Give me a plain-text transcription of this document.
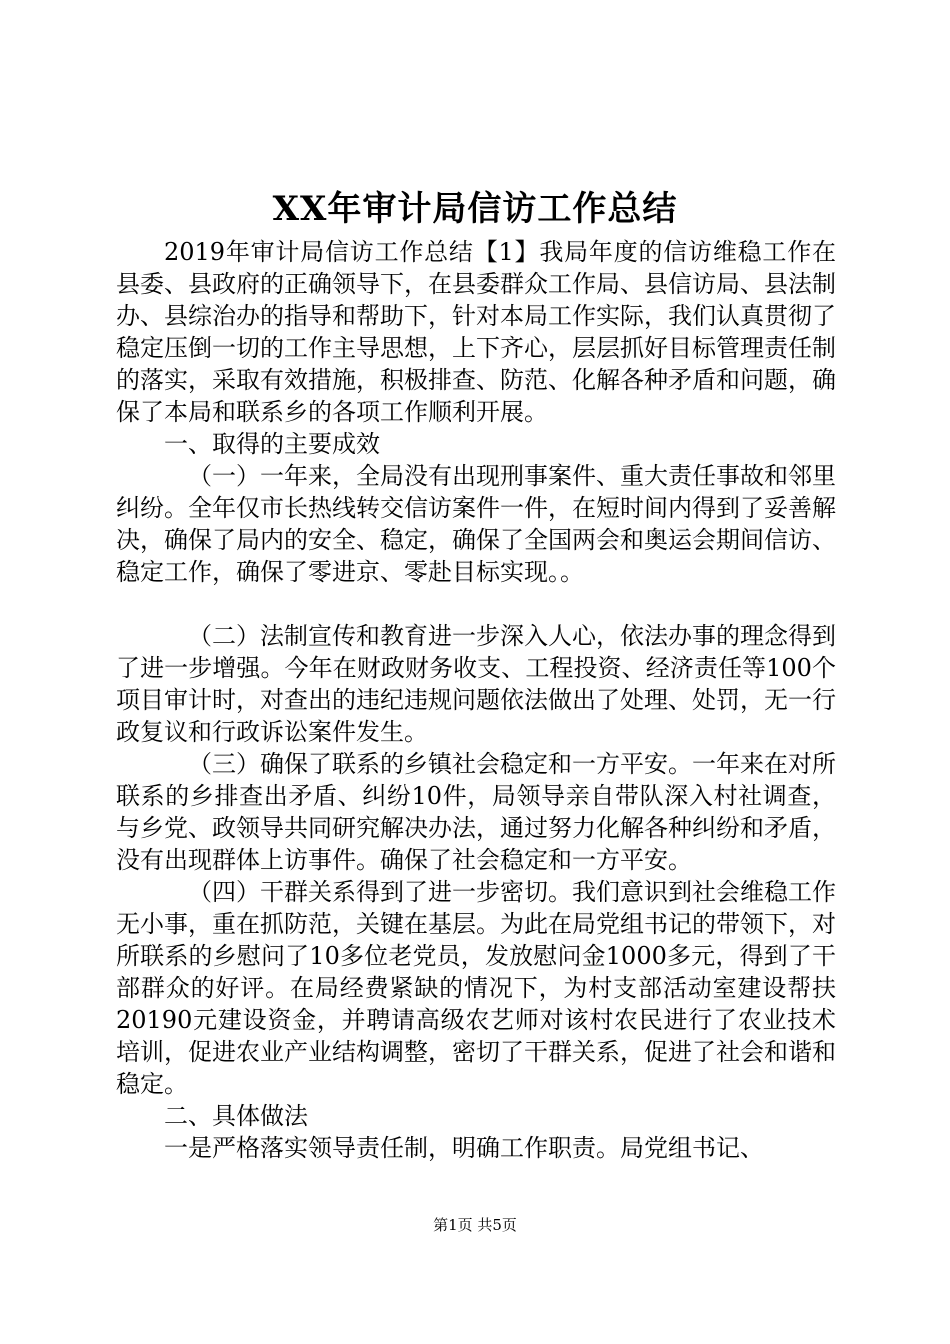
XX年审计局信访工作总结

2019年审计局信访工作总结【1】我局年度的信访维稳工作在县委、县政府的正确领导下，在县委群众工作局、县信访局、县法制办、县综治办的指导和帮助下，针对本局工作实际，我们认真贯彻了稳定压倒一切的工作主导思想，上下齐心，层层抓好目标管理责任制的落实，采取有效措施，积极排查、防范、化解各种矛盾和问题，确保了本局和联系乡的各项工作顺利开展。

一、取得的主要成效

（一）一年来，全局没有出现刑事案件、重大责任事故和邻里纠纷。全年仅市长热线转交信访案件一件，在短时间内得到了妥善解决，确保了局内的安全、稳定，确保了全国两会和奥运会期间信访、稳定工作，确保了零进京、零赴目标实现。。

（二）法制宣传和教育进一步深入人心，依法办事的理念得到了进一步增强。今年在财政财务收支、工程投资、经济责任等100个项目审计时，对查出的违纪违规问题依法做出了处理、处罚，无一行政复议和行政诉讼案件发生。

（三）确保了联系的乡镇社会稳定和一方平安。一年来在对所联系的乡排查出矛盾、纠纷10件，局领导亲自带队深入村社调查，与乡党、政领导共同研究解决办法，通过努力化解各种纠纷和矛盾，没有出现群体上访事件。确保了社会稳定和一方平安。

（四）干群关系得到了进一步密切。我们意识到社会维稳工作无小事，重在抓防范，关键在基层。为此在局党组书记的带领下，对所联系的乡慰问了10多位老党员，发放慰问金1000多元，得到了干部群众的好评。在局经费紧缺的情况下，为村支部活动室建设帮扶20190元建设资金，并聘请高级农艺师对该村农民进行了农业技术培训，促进农业产业结构调整，密切了干群关系，促进了社会和谐和稳定。

二、具体做法

一是严格落实领导责任制，明确工作职责。局党组书记、

第1页 共5页
